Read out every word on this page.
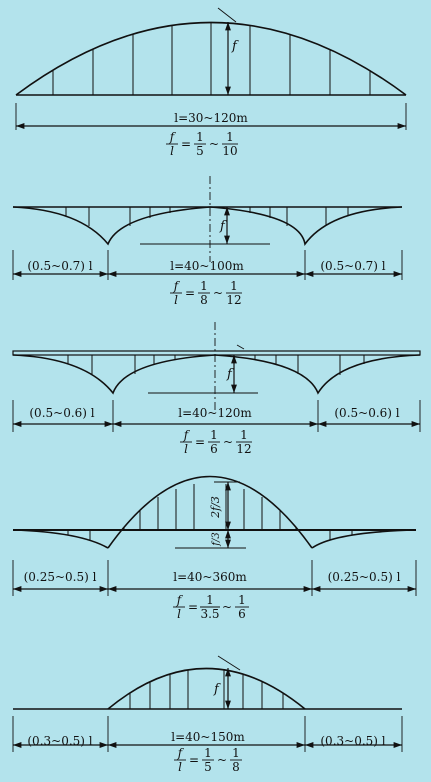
f
l=30~120m
f
l = 1
5 ~ 1
10
f
(0.5~0.7) l	l=40~100m	(0.5~0.7) l
f
l = 1
8 ~ 1
12
f
(0.5~0.6) l	l=40~120m	(0.5~0.6) l
f
l = 1
6 ~ 1
12
2f/3
f/3
(0.25~0.5) l	l=40~360m	(0.25~0.5) l
f
l = 1
3.5 ~ 1
6
f
(0.3~0.5) l	l=40~150m	(0.3~0.5) l
f
l = 1
5 ~ 1
8
